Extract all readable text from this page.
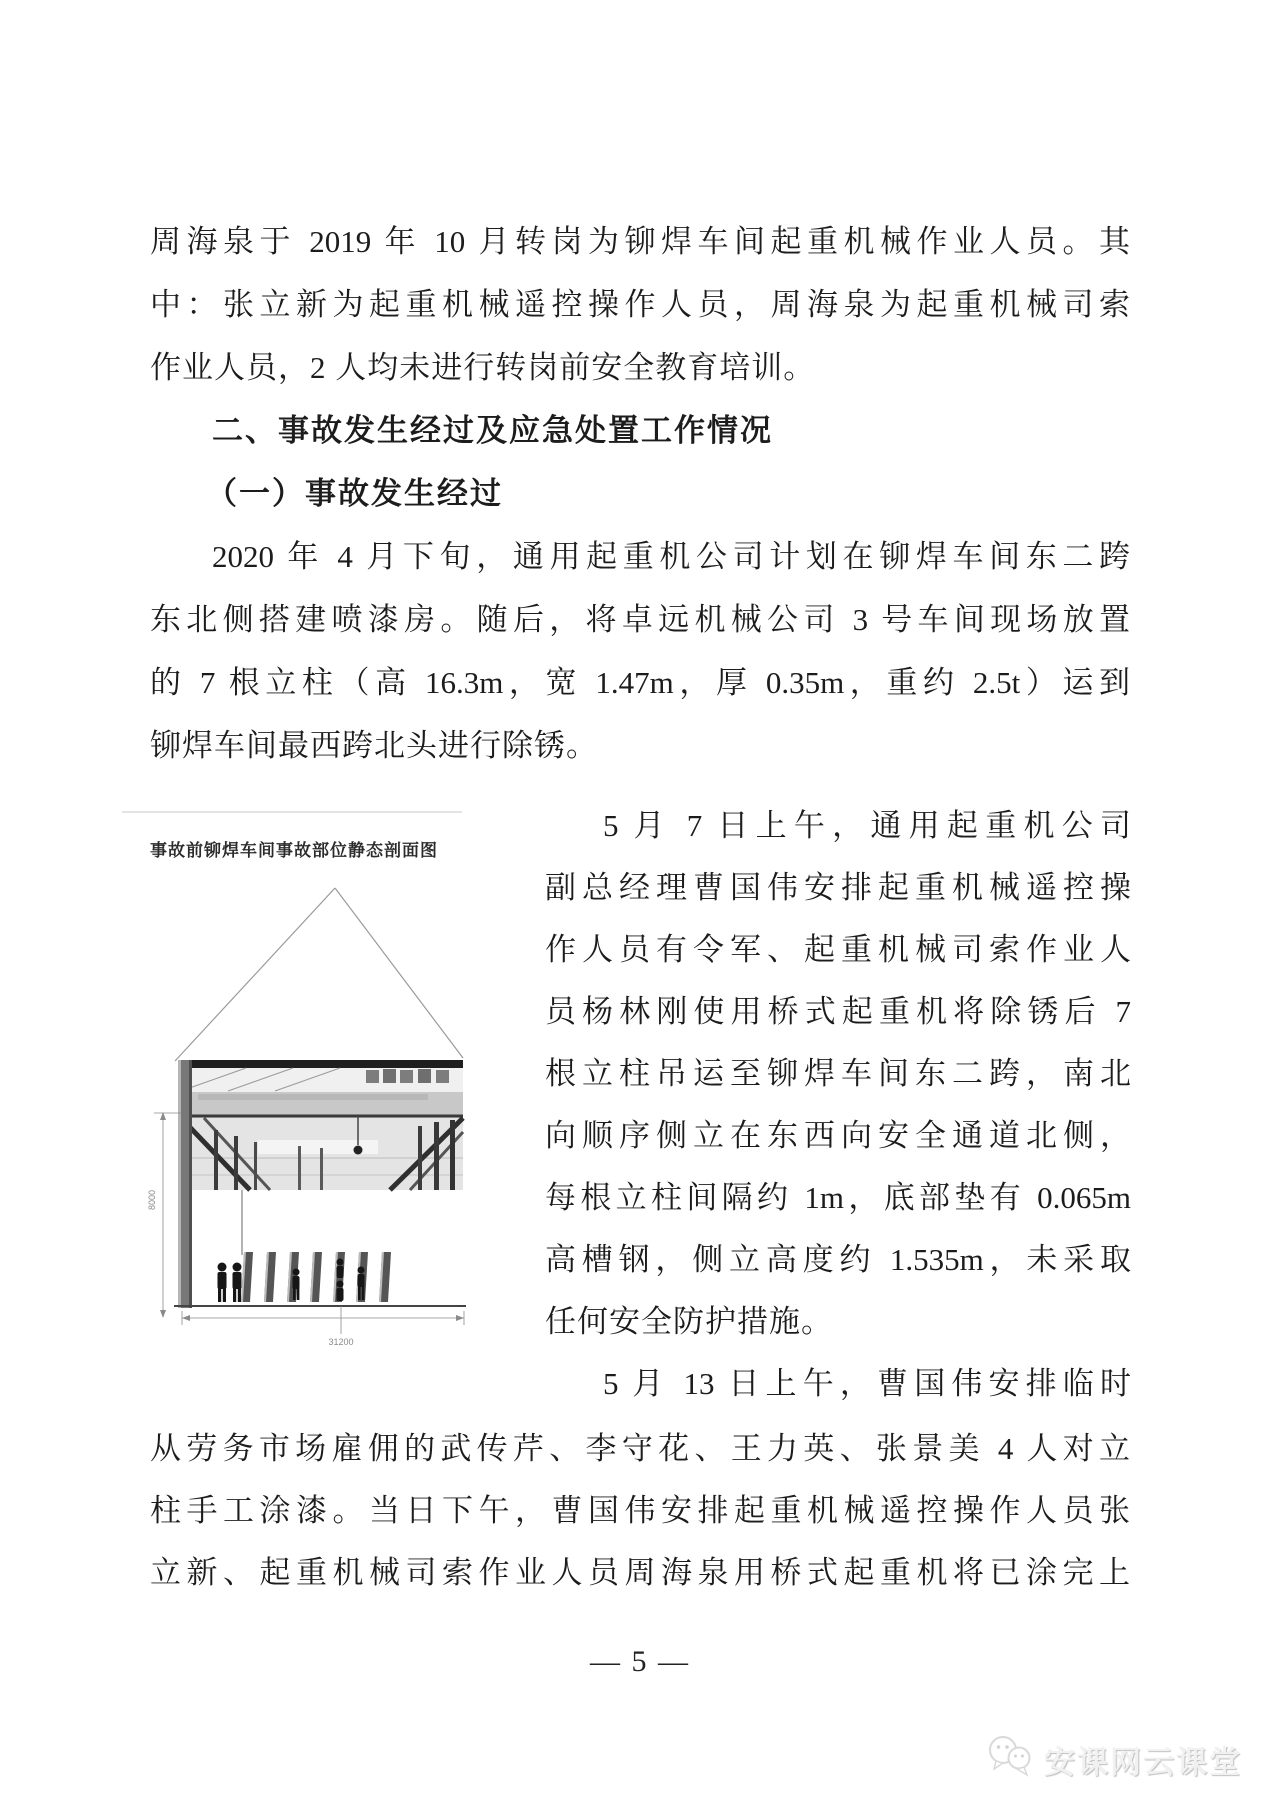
周海泉于 2019 年 10 月转岗为铆焊车间起重机械作业人员。其
中：张立新为起重机械遥控操作人员，周海泉为起重机械司索
作业人员，2 人均未进行转岗前安全教育培训。
二、事故发生经过及应急处置工作情况
（一）事故发生经过
2020 年 4 月下旬，通用起重机公司计划在铆焊车间东二跨
东北侧搭建喷漆房。随后，将卓远机械公司 3 号车间现场放置
的 7 根立柱（高 16.3m，宽 1.47m，厚 0.35m，重约 2.5t）运到
铆焊车间最西跨北头进行除锈。
8000
31200
事故前铆焊车间事故部位静态剖面图
5 月 7 日上午，通用起重机公司
副总经理曹国伟安排起重机械遥控操
作人员有令军、起重机械司索作业人
员杨林刚使用桥式起重机将除锈后 7
根立柱吊运至铆焊车间东二跨，南北
向顺序侧立在东西向安全通道北侧，
每根立柱间隔约 1m，底部垫有 0.065m
高槽钢，侧立高度约 1.535m，未采取
任何安全防护措施。
5 月 13 日上午，曹国伟安排临时
从劳务市场雇佣的武传芹、李守花、王力英、张景美 4 人对立
柱手工涂漆。当日下午，曹国伟安排起重机械遥控操作人员张
立新、起重机械司索作业人员周海泉用桥式起重机将已涂完上
— 5 —
安课网云课堂
